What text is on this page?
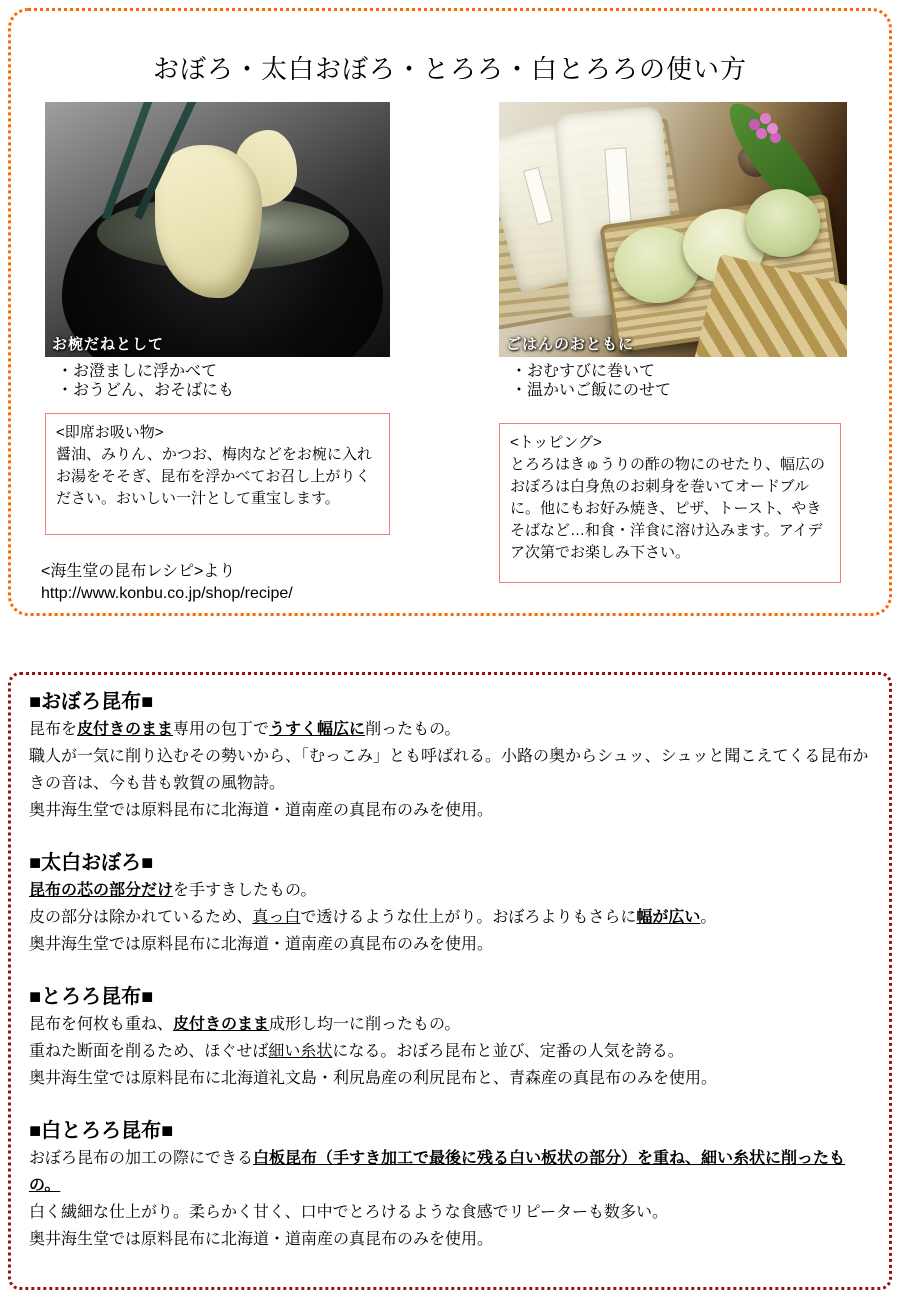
おぼろ・太白おぼろ・とろろ・白とろろの使い方
お椀だねとして
・お澄ましに浮かべて
・おうどん、おそばにも
<即席お吸い物>
醤油、みりん、かつお、梅肉などをお椀に入れお湯をそそぎ、昆布を浮かべてお召し上がりください。おいしい一汁として重宝します。
<海生堂の昆布レシピ>より
http://www.konbu.co.jp/shop/recipe/
ごはんのおともに
・おむすびに巻いて
・温かいご飯にのせて
<トッピング>
とろろはきゅうりの酢の物にのせたり、幅広のおぼろは白身魚のお刺身を巻いてオードブルに。他にもお好み焼き、ピザ、トースト、やきそばなど…和食・洋食に溶け込みます。アイデア次第でお楽しみ下さい。
■おぼろ昆布■
昆布を皮付きのまま専用の包丁でうすく幅広に削ったもの。
職人が一気に削り込むその勢いから、「むっこみ」とも呼ばれる。小路の奥からシュッ、シュッと聞こえてくる昆布かきの音は、今も昔も敦賀の風物詩。
奥井海生堂では原料昆布に北海道・道南産の真昆布のみを使用。
■太白おぼろ■
昆布の芯の部分だけを手すきしたもの。
皮の部分は除かれているため、真っ白で透けるような仕上がり。おぼろよりもさらに幅が広い。
奥井海生堂では原料昆布に北海道・道南産の真昆布のみを使用。
■とろろ昆布■
昆布を何枚も重ね、皮付きのまま成形し均一に削ったもの。
重ねた断面を削るため、ほぐせば細い糸状になる。おぼろ昆布と並び、定番の人気を誇る。
奥井海生堂では原料昆布に北海道礼文島・利尻島産の利尻昆布と、青森産の真昆布のみを使用。
■白とろろ昆布■
おぼろ昆布の加工の際にできる白板昆布（手すき加工で最後に残る白い板状の部分）を重ね、細い糸状に削ったもの。
白く繊細な仕上がり。柔らかく甘く、口中でとろけるような食感でリピーターも数多い。
奥井海生堂では原料昆布に北海道・道南産の真昆布のみを使用。
